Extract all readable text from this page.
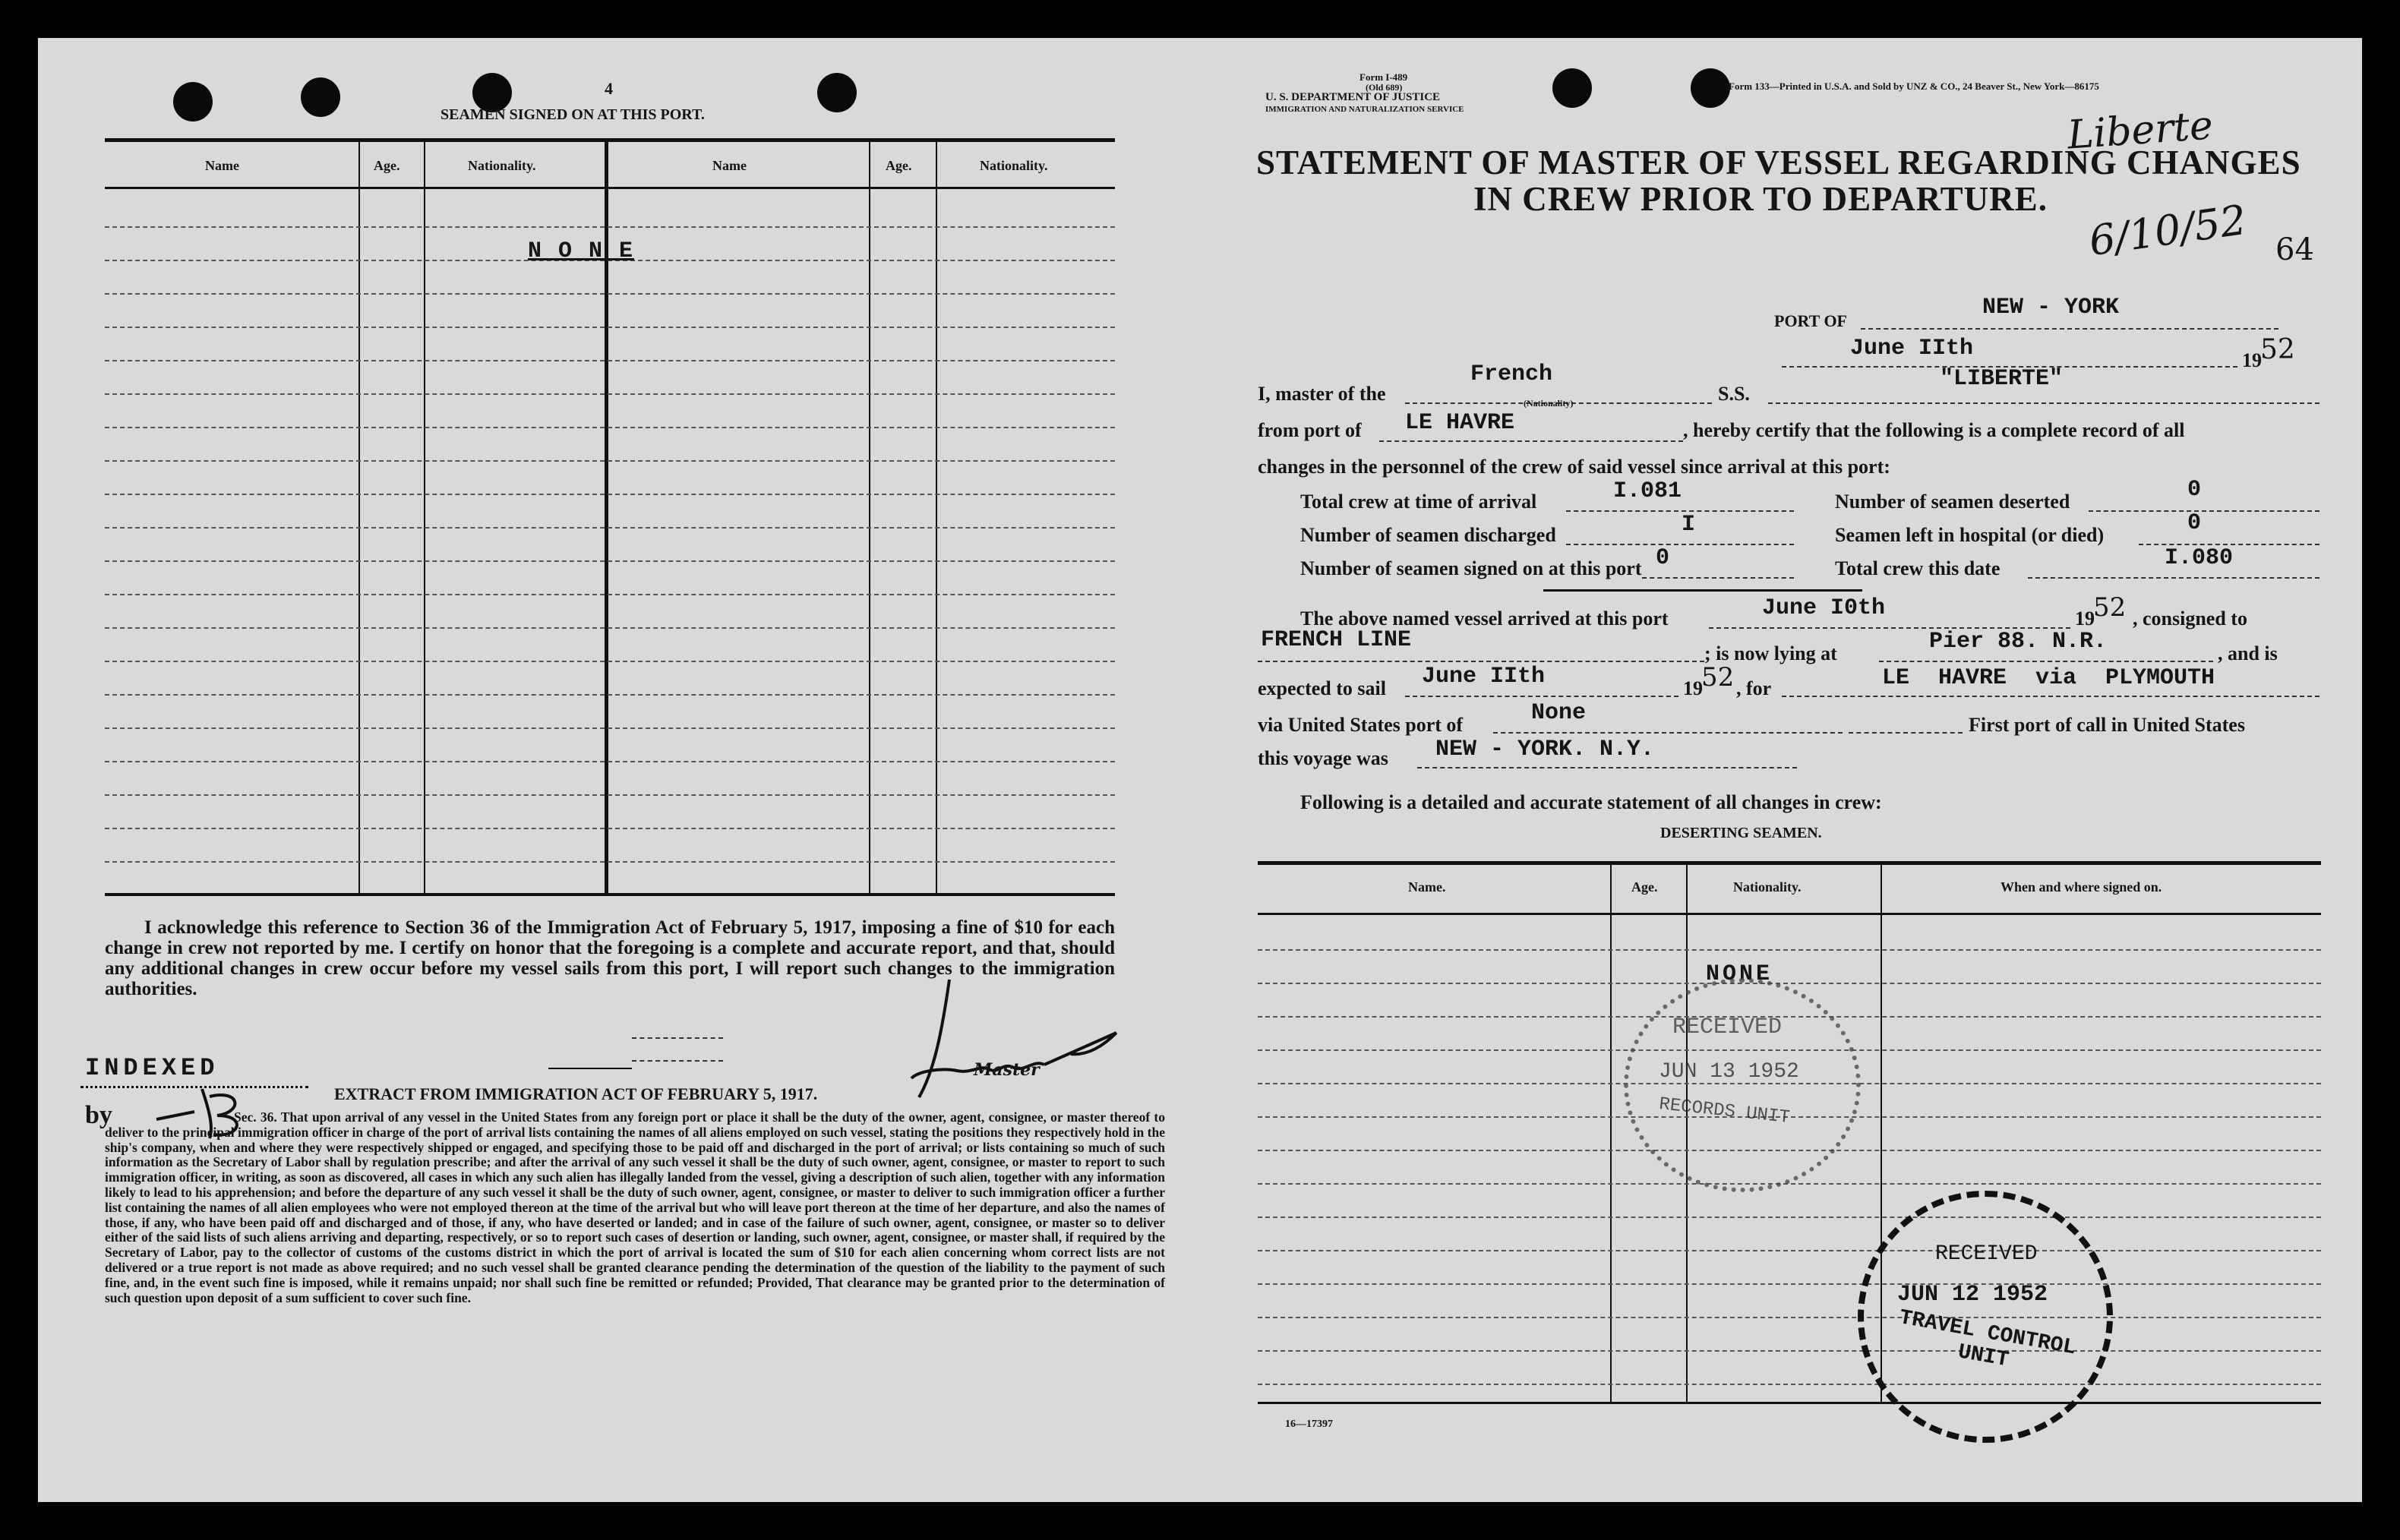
4
SEAMEN SIGNED ON AT THIS PORT.
Name	Age.	Nationality.	Name	Age.	Nationality.
N O N E
I acknowledge this reference to Section 36 of the Immigration Act of February 5, 1917, imposing a fine of $10 for each change in crew not reported by me. I certify on honor that the foregoing is a complete and accurate report, and that, should any additional changes in crew occur before my vessel sails from this port, I will report such changes to the immigration authorities.
Master
INDEXED
by
EXTRACT FROM IMMIGRATION ACT OF FEBRUARY 5, 1917.
Sec. 36. That upon arrival of any vessel in the United States from any foreign port or place it shall be the duty of the owner, agent, consignee, or master thereof to deliver to the principal immigration officer in charge of the port of arrival lists containing the names of all aliens employed on such vessel, stating the positions they respectively hold in the ship's company, when and where they were respectively shipped or engaged, and specifying those to be paid off and discharged in the port of arrival; or lists containing so much of such information as the Secretary of Labor shall by regulation prescribe; and after the arrival of any such vessel it shall be the duty of such owner, agent, consignee, or master to report to such immigration officer, in writing, as soon as discovered, all cases in which any such alien has illegally landed from the vessel, giving a description of such alien, together with any information likely to lead to his apprehension; and before the departure of any such vessel it shall be the duty of such owner, agent, consignee, or master to deliver to such immigration officer a further list containing the names of all alien employees who were not employed thereon at the time of the arrival but who will leave port thereon at the time of her departure, and also the names of those, if any, who have been paid off and discharged and of those, if any, who have deserted or landed; and in case of the failure of such owner, agent, consignee, or master so to deliver either of the said lists of such aliens arriving and departing, respectively, or so to report such cases of desertion or landing, such owner, agent, consignee, or master shall, if required by the Secretary of Labor, pay to the collector of customs of the customs district in which the port of arrival is located the sum of $10 for each alien concerning whom correct lists are not delivered or a true report is not made as above required; and no such vessel shall be granted clearance pending the determination of the question of the liability to the payment of such fine, and, in the event such fine is imposed, while it remains unpaid; nor shall such fine be remitted or refunded; Provided, That clearance may be granted prior to the determination of such question upon deposit of a sum sufficient to cover such fine.
Form I-489
(Old 689)
U. S. DEPARTMENT OF JUSTICE
IMMIGRATION AND NATURALIZATION SERVICE
Form 133—Printed in U.S.A. and Sold by UNZ & CO., 24 Beaver St., New York—86175
STATEMENT OF MASTER OF VESSEL REGARDING CHANGES
IN CREW PRIOR TO DEPARTURE.
Liberte
6/10/52 64
PORT OF
NEW - YORK
June IIth	19
52
I, master of the
French
(Nationality)	S.S.
"LIBERTE"
from port of LE HAVRE	, hereby certify that the following is a complete record of all
changes in the personnel of the crew of said vessel since arrival at this port:
Total crew at time of arrival	I.081	Number of seamen deserted	0
Number of seamen discharged	I	Seamen left in hospital (or died)	0
Number of seamen signed on at this port 0	Total crew this date	I.080
The above named vessel arrived at this port	June I0th	19
52 , consigned to
FRENCH LINE
; is now lying at	Pier 88. N.R.	, and is
expected to sail June IIth	19
52 , for	LE HAVRE via PLYMOUTH
via United States port of	None	First port of call in United States
this voyage was NEW - YORK. N.Y.
Following is a detailed and accurate statement of all changes in crew:
DESERTING SEAMEN.
Name.	Age.	Nationality.	When and where signed on.
NONE
RECEIVED
JUN 13 1952
RECORDS UNIT
RECEIVED
JUN 12 1952
TRAVEL CONTROL UNIT
16—17397
